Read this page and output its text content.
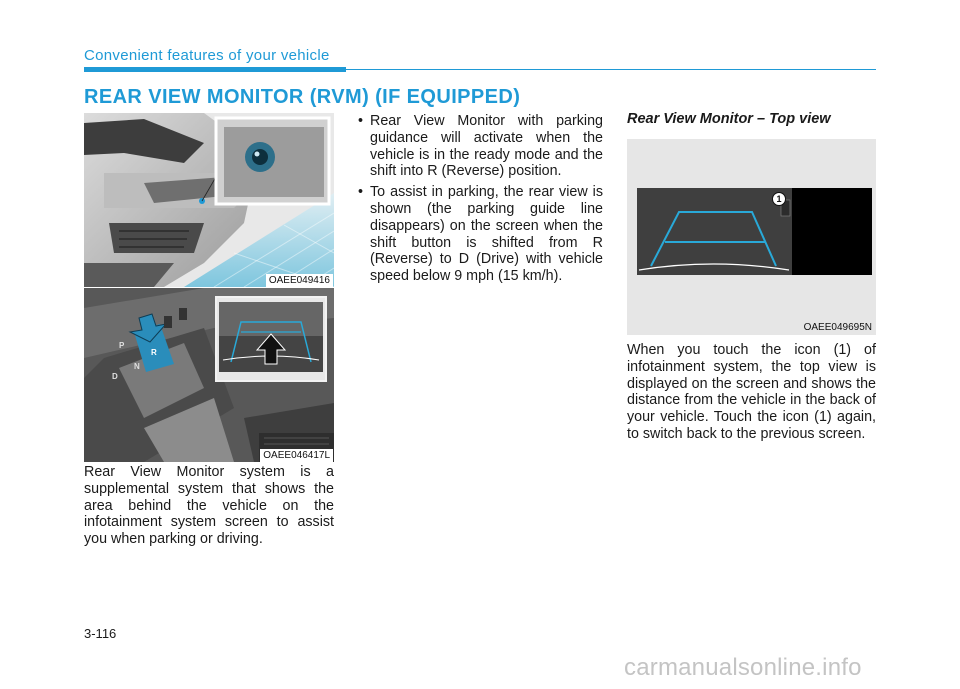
Convenient features of your vehicle
REAR VIEW MONITOR (RVM) (IF EQUIPPED)
OAEE049416
P
R
N
D
OAEE046417L
Rear View Monitor system is a supplemental system that shows the area behind the vehicle on the infotainment system screen to assist you when parking or driving.
• Rear View Monitor with parking guidance will activate when the vehicle is in the ready mode and the shift into R (Reverse) position.
• To assist in parking, the rear view is shown (the parking guide line disappears) on the screen when the shift button is shifted from R (Reverse) to D (Drive) with vehicle speed below 9 mph (15 km/h).
Rear View Monitor – Top view
1
OAEE049695N
When you touch the icon (1) of infotainment system, the top view is displayed on the screen and shows the distance from the vehicle in the back of your vehicle. Touch the icon (1) again, to switch back to the previous screen.
3-116
carmanualsonline.info
